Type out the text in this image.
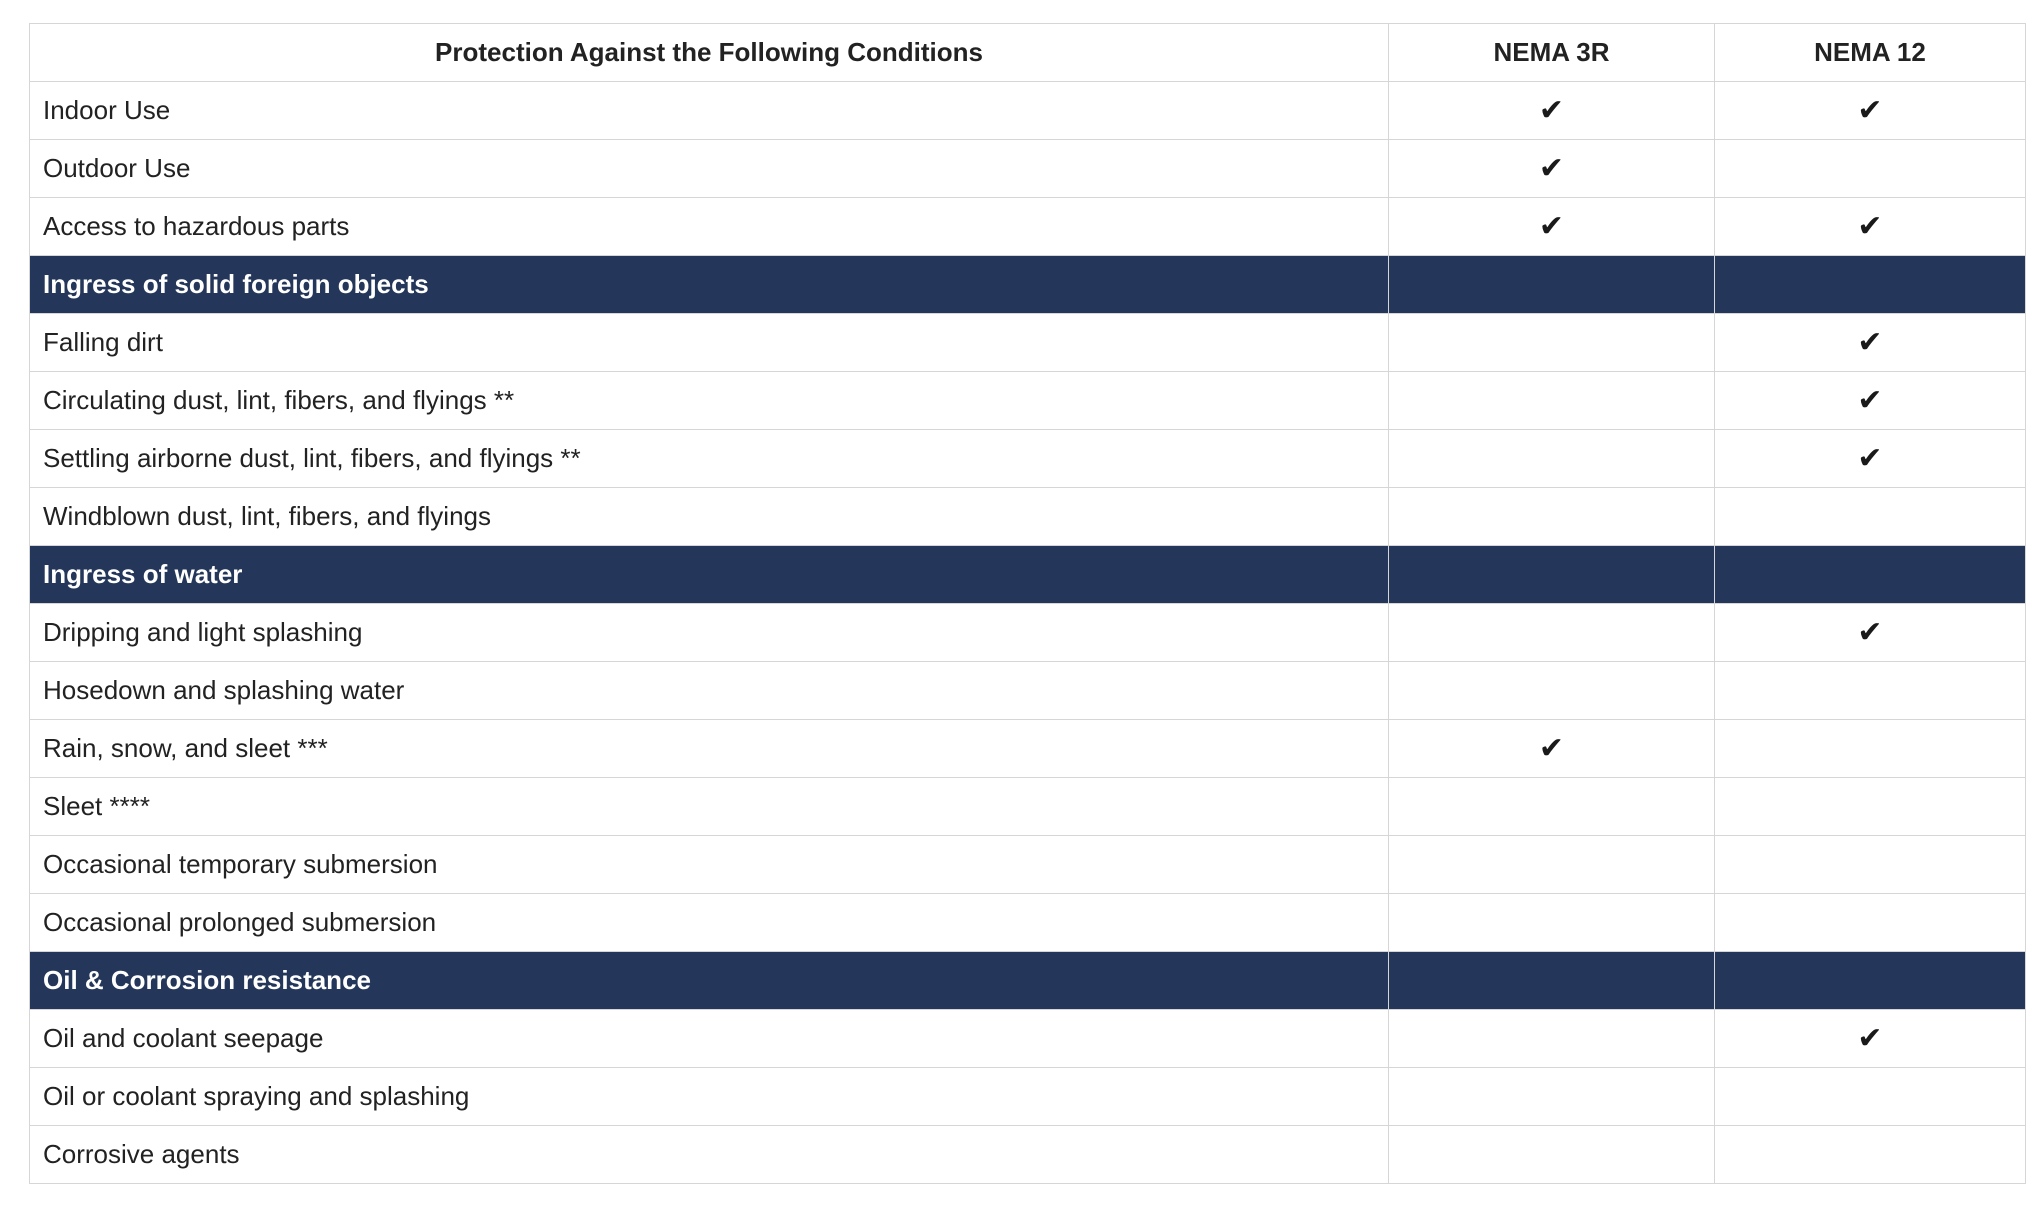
Protection Against the Following Conditions	NEMA 3R	NEMA 12
Indoor Use	✔	✔
Outdoor Use	✔	
Access to hazardous parts	✔	✔
Ingress of solid foreign objects		
Falling dirt		✔
Circulating dust, lint, fibers, and flyings **		✔
Settling airborne dust, lint, fibers, and flyings **		✔
Windblown dust, lint, fibers, and flyings		
Ingress of water		
Dripping and light splashing		✔
Hosedown and splashing water		
Rain, snow, and sleet ***	✔	
Sleet ****		
Occasional temporary submersion		
Occasional prolonged submersion		
Oil & Corrosion resistance		
Oil and coolant seepage		✔
Oil or coolant spraying and splashing		
Corrosive agents		
